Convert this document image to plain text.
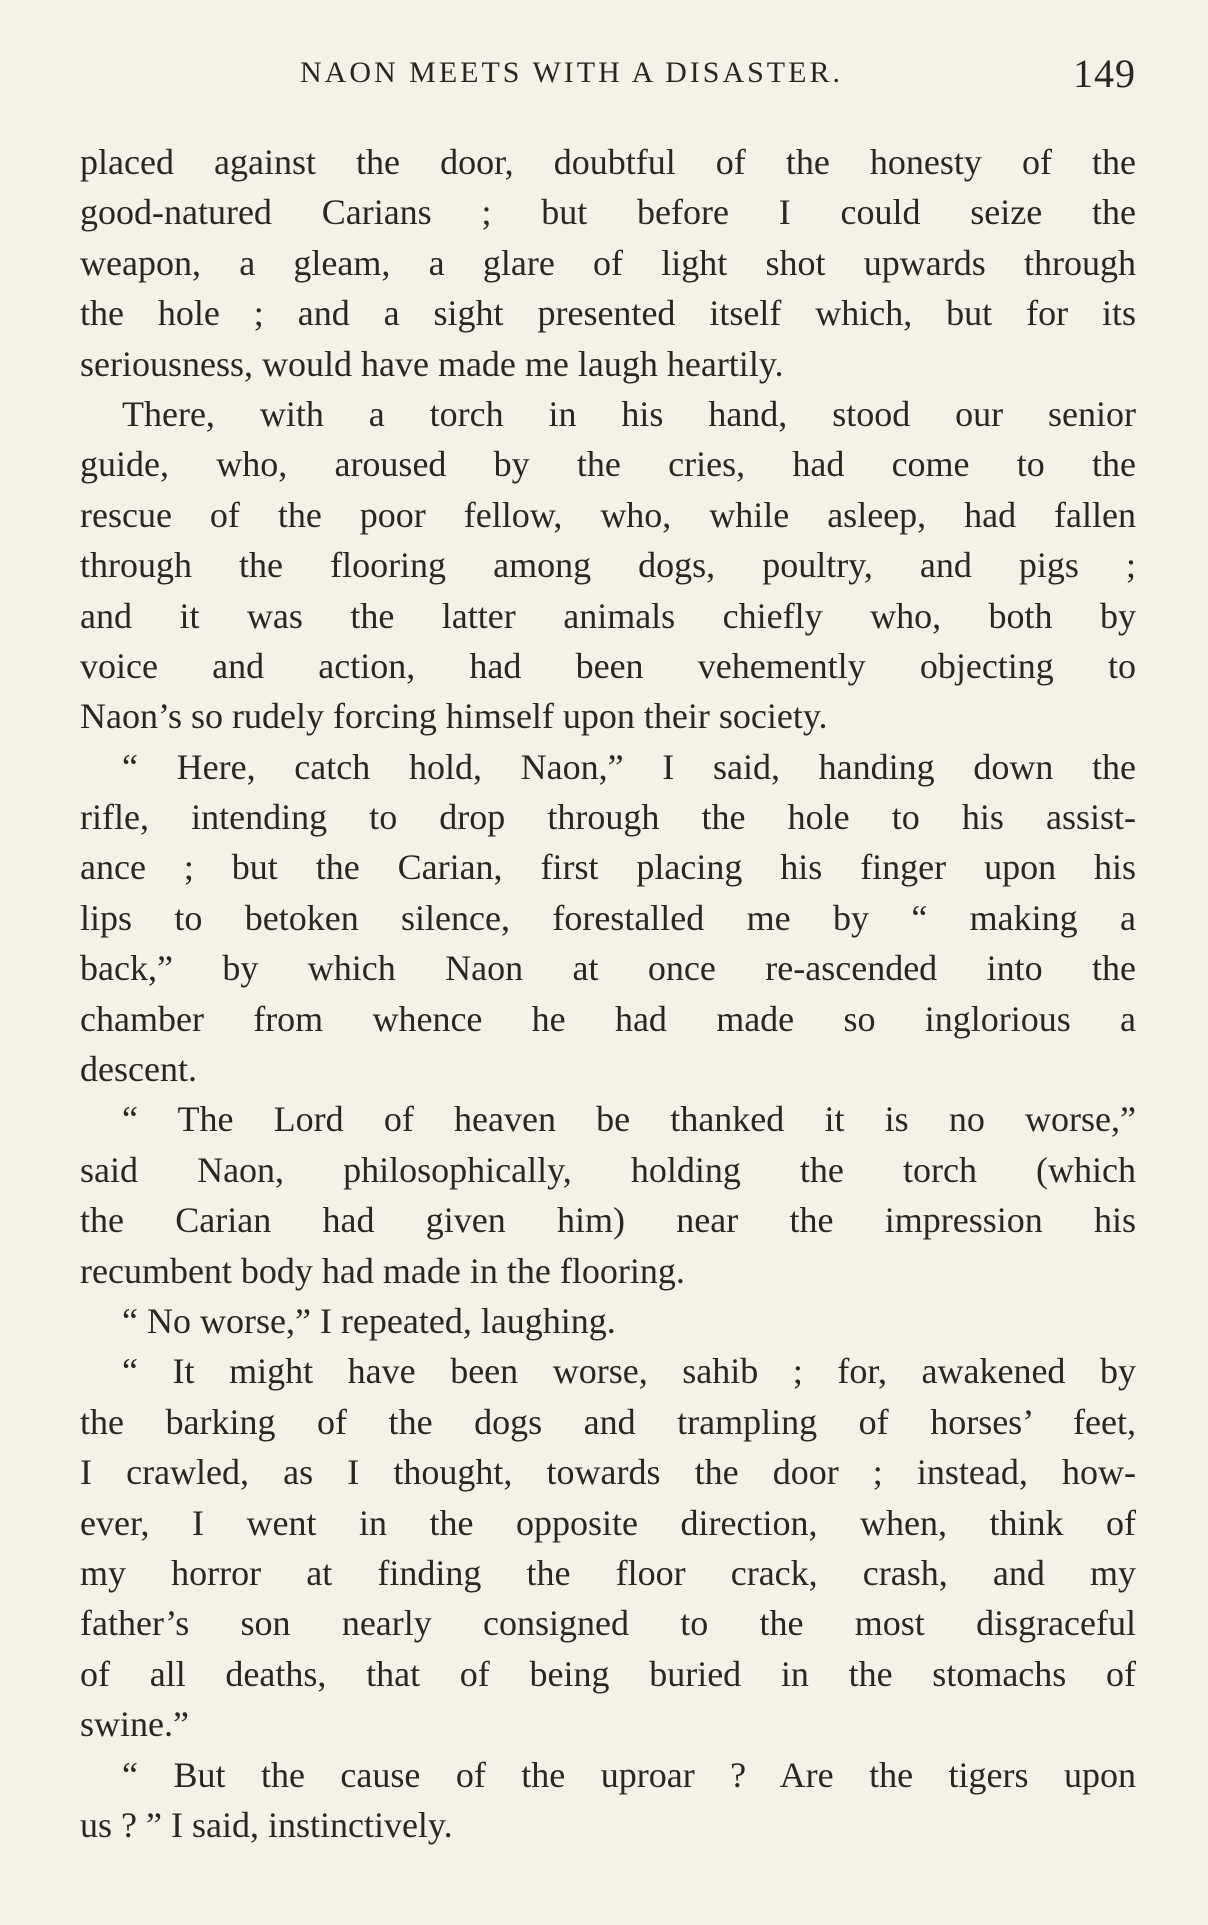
NAON MEETS WITH A DISASTER.	149
placed against the door, doubtful of the honesty of the
good-natured Carians ; but before I could seize the
weapon, a gleam, a glare of light shot upwards through
the hole ; and a sight presented itself which, but for its
seriousness, would have made me laugh heartily.
There, with a torch in his hand, stood our senior
guide, who, aroused by the cries, had come to the
rescue of the poor fellow, who, while asleep, had fallen
through the flooring among dogs, poultry, and pigs ;
and it was the latter animals chiefly who, both by
voice and action, had been vehemently objecting to
Naon’s so rudely forcing himself upon their society.
“ Here, catch hold, Naon,” I said, handing down the
rifle, intending to drop through the hole to his assist-
ance ; but the Carian, first placing his finger upon his
lips to betoken silence, forestalled me by “ making a
back,” by which Naon at once re-ascended into the
chamber from whence he had made so inglorious a
descent.
“ The Lord of heaven be thanked it is no worse,”
said Naon, philosophically, holding the torch (which
the Carian had given him) near the impression his
recumbent body had made in the flooring.
“ No worse,” I repeated, laughing.
“ It might have been worse, sahib ; for, awakened by
the barking of the dogs and trampling of horses’ feet,
I crawled, as I thought, towards the door ; instead, how-
ever, I went in the opposite direction, when, think of
my horror at finding the floor crack, crash, and my
father’s son nearly consigned to the most disgraceful
of all deaths, that of being buried in the stomachs of
swine.”
“ But the cause of the uproar ? Are the tigers upon
us ? ” I said, instinctively.
